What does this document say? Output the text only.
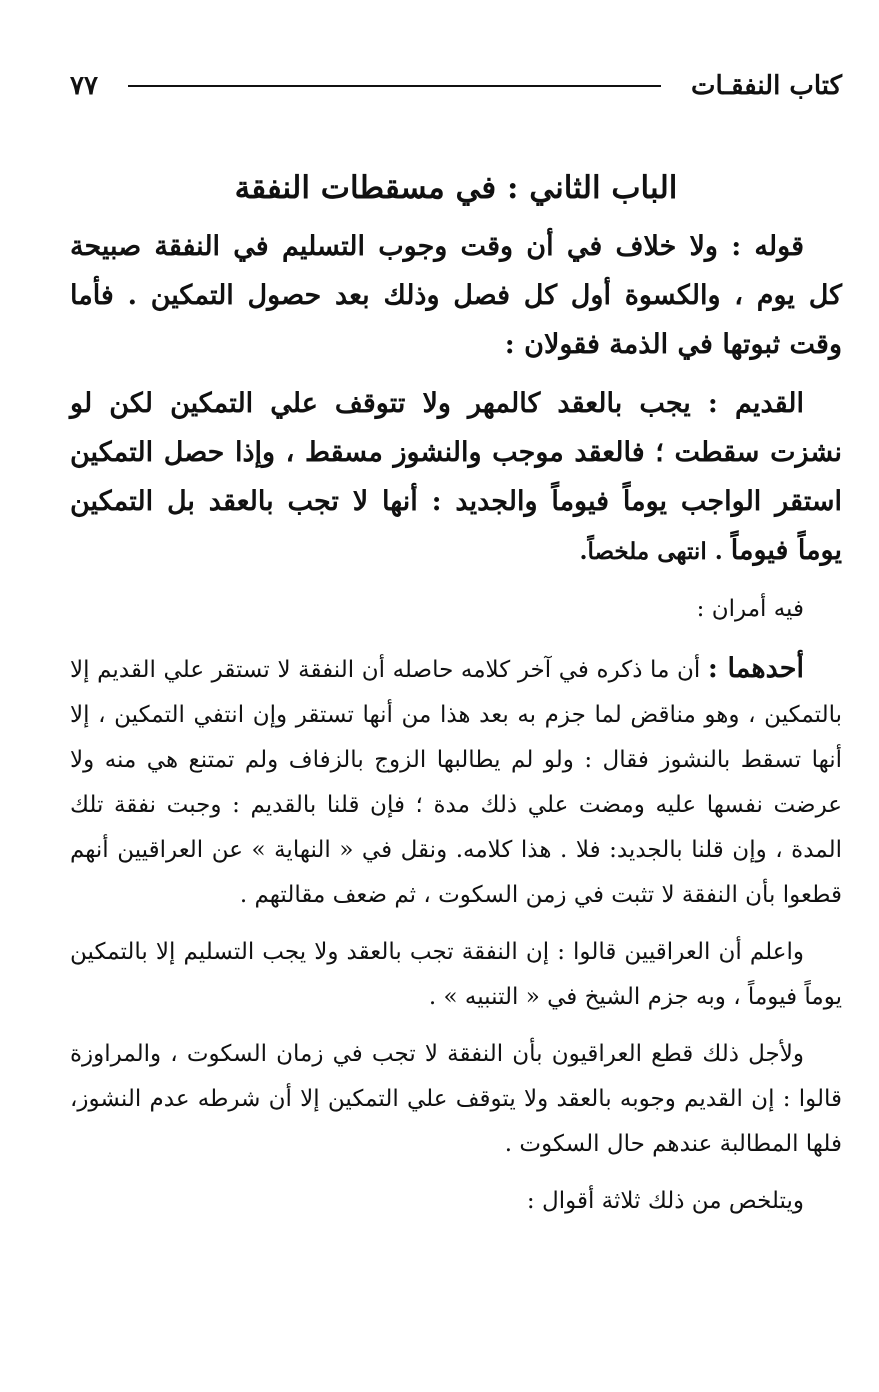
كتاب النفقـات
٧٧
الباب الثاني : في مسقطات النفقة

قوله : ولا خلاف في أن وقت وجوب التسليم في النفقة صبيحة كل يوم ، والكسوة أول كل فصل وذلك بعد حصول التمكين . فأما وقت ثبوتها في الذمة فقولان :

القديم : يجب بالعقد كالمهر ولا تتوقف علي التمكين لكن لو نشزت سقطت ؛ فالعقد موجب والنشوز مسقط ، وإذا حصل التمكين استقر الواجب يوماً فيوماً والجديد : أنها لا تجب بالعقد بل التمكين يوماً فيوماً . انتهى ملخصاً.

فيه أمران :

أحدهما : أن ما ذكره في آخر كلامه حاصله أن النفقة لا تستقر علي القديم إلا بالتمكين ، وهو مناقض لما جزم به بعد هذا من أنها تستقر وإن انتفي التمكين ، إلا أنها تسقط بالنشوز فقال : ولو لم يطالبها الزوج بالزفاف ولم تمتنع هي منه ولا عرضت نفسها عليه ومضت علي ذلك مدة ؛ فإن قلنا بالقديم : وجبت نفقة تلك المدة ، وإن قلنا بالجديد: فلا . هذا كلامه. ونقل في « النهاية » عن العراقيين أنهم قطعوا بأن النفقة لا تثبت في زمن السكوت ، ثم ضعف مقالتهم .

واعلم أن العراقيين قالوا : إن النفقة تجب بالعقد ولا يجب التسليم إلا بالتمكين يوماً فيوماً ، وبه جزم الشيخ في « التنبيه » .

ولأجل ذلك قطع العراقيون بأن النفقة لا تجب في زمان السكوت ، والمراوزة قالوا : إن القديم وجوبه بالعقد ولا يتوقف علي التمكين إلا أن شرطه عدم النشوز، فلها المطالبة عندهم حال السكوت .

ويتلخص من ذلك ثلاثة أقوال :
